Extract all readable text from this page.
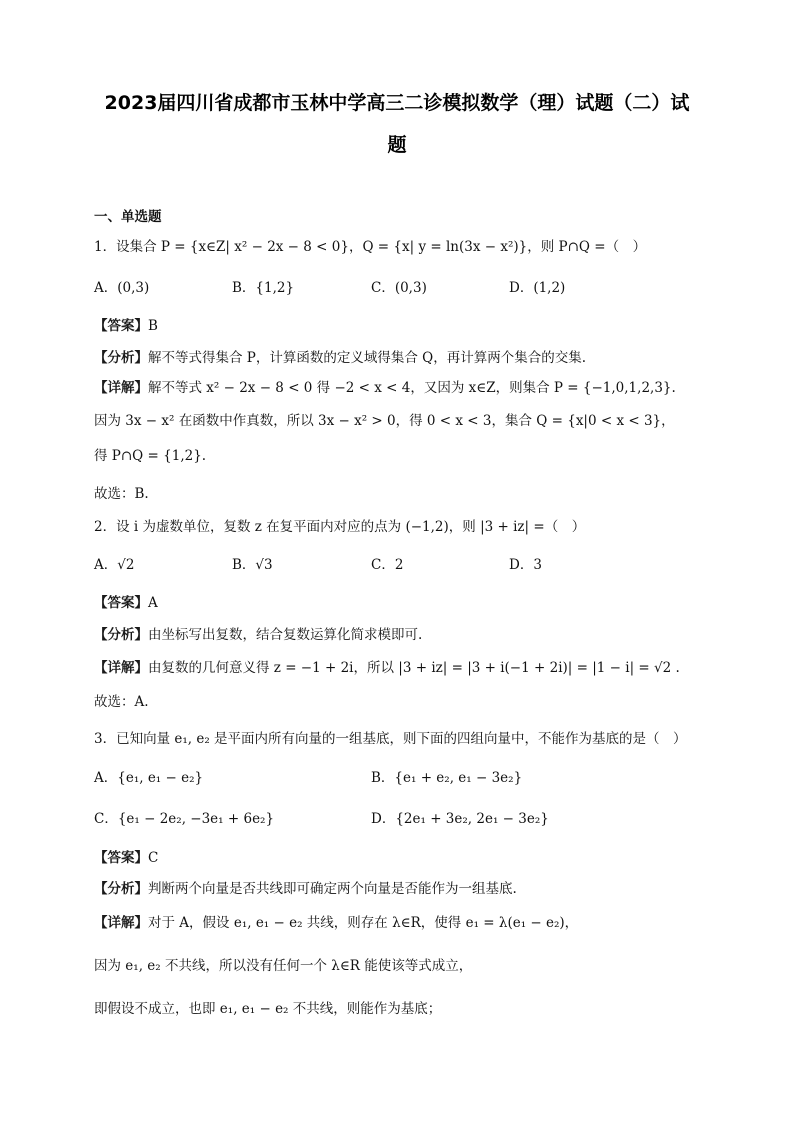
2023届四川省成都市玉林中学高三二诊模拟数学（理）试题（二）试
题
一、单选题
1．设集合 P = {x∈Z| x² − 2x − 8 < 0}，Q = {x| y = ln(3x − x²)}，则 P∩Q =（　）
A．(0,3)	B．{1,2}	C．(0,3)	D．(1,2)
【答案】B
【分析】解不等式得集合 P，计算函数的定义域得集合 Q，再计算两个集合的交集.
【详解】解不等式 x² − 2x − 8 < 0 得 −2 < x < 4，又因为 x∈Z，则集合 P = {−1,0,1,2,3}.
因为 3x − x² 在函数中作真数，所以 3x − x² > 0，得 0 < x < 3，集合 Q = {x|0 < x < 3}，
得 P∩Q = {1,2}.
故选：B.
2．设 i 为虚数单位，复数 z 在复平面内对应的点为 (−1,2)，则 |3 + iz| =（　）
A．√2	B．√3	C．2	D．3
【答案】A
【分析】由坐标写出复数，结合复数运算化简求模即可.
【详解】由复数的几何意义得 z = −1 + 2i，所以 |3 + iz| = |3 + i(−1 + 2i)| = |1 − i| = √2 .
故选：A.
3．已知向量 e₁, e₂ 是平面内所有向量的一组基底，则下面的四组向量中，不能作为基底的是（　）
A．{e₁, e₁ − e₂}	B．{e₁ + e₂, e₁ − 3e₂}
C．{e₁ − 2e₂, −3e₁ + 6e₂}	D．{2e₁ + 3e₂, 2e₁ − 3e₂}
【答案】C
【分析】判断两个向量是否共线即可确定两个向量是否能作为一组基底.
【详解】对于 A，假设 e₁, e₁ − e₂ 共线，则存在 λ∈R，使得 e₁ = λ(e₁ − e₂)，
因为 e₁, e₂ 不共线，所以没有任何一个 λ∈R 能使该等式成立，
即假设不成立，也即 e₁, e₁ − e₂ 不共线，则能作为基底；
